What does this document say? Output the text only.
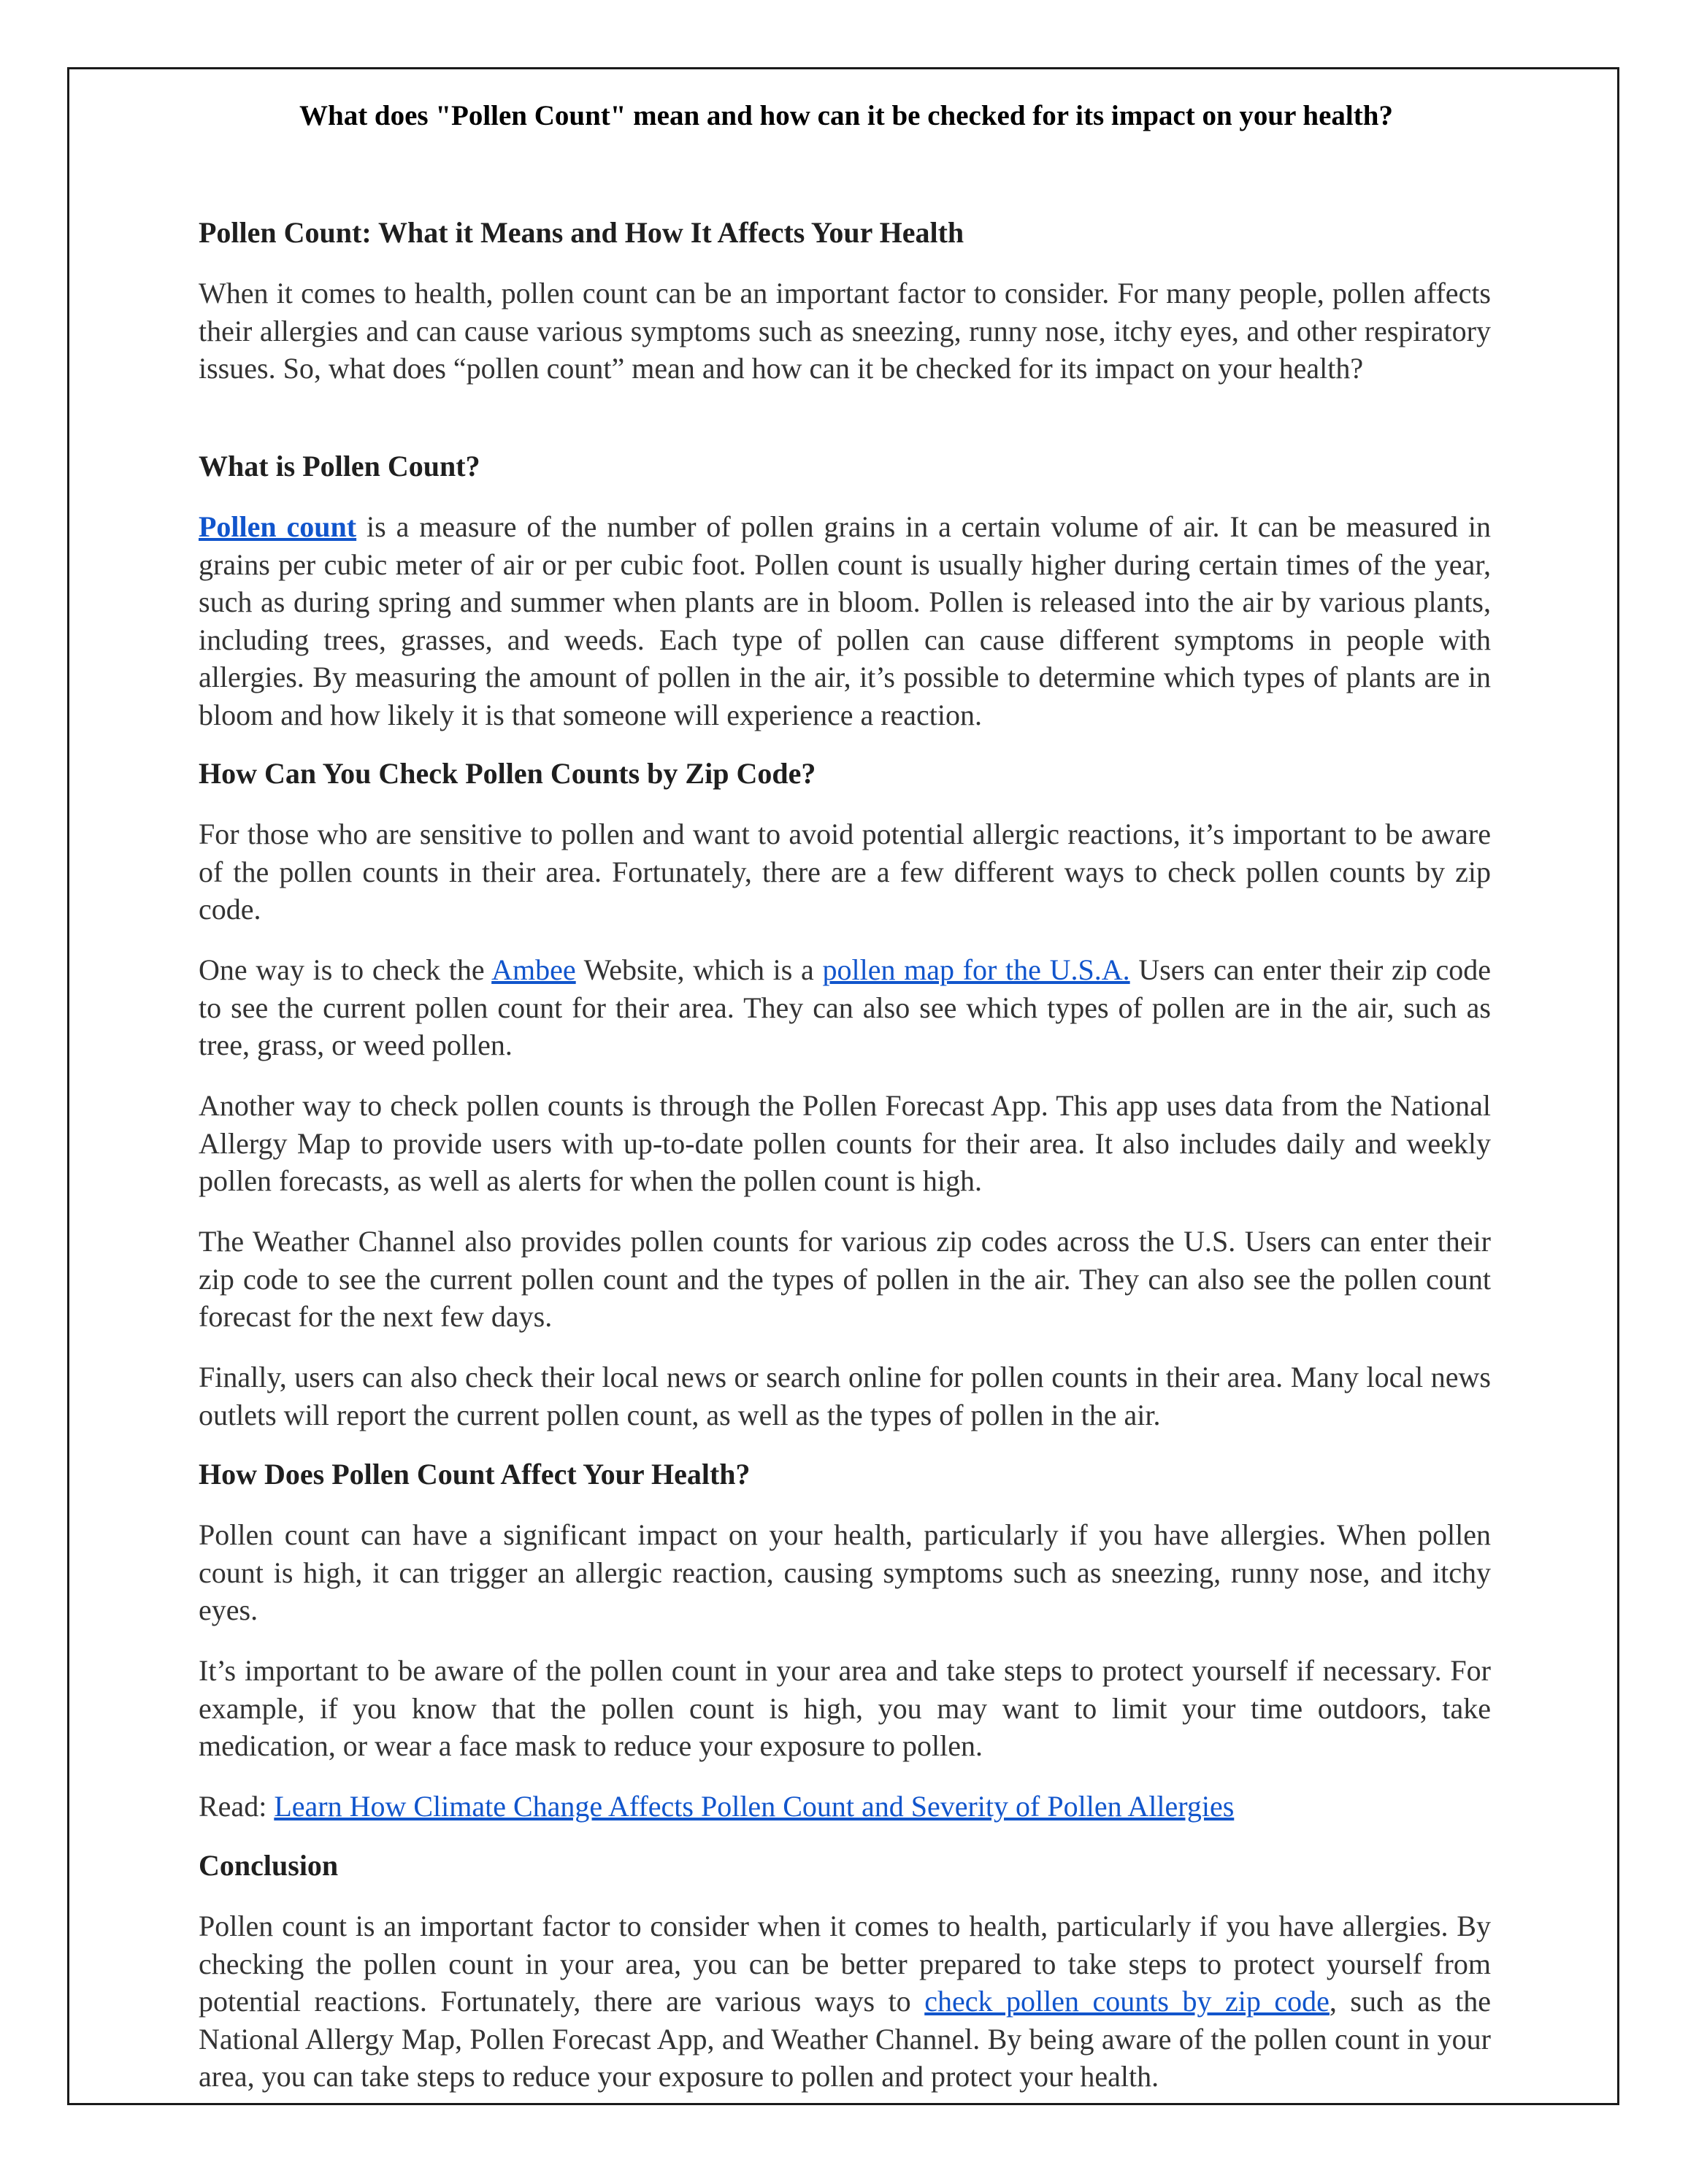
What does "Pollen Count" mean and how can it be checked for its impact on your health?
Pollen Count: What it Means and How It Affects Your Health

When it comes to health, pollen count can be an important factor to consider. For many people, pollen affects their allergies and can cause various symptoms such as sneezing, runny nose, itchy eyes, and other respiratory issues. So, what does “pollen count” mean and how can it be checked for its impact on your health?

What is Pollen Count?

Pollen count is a measure of the number of pollen grains in a certain volume of air. It can be measured in grains per cubic meter of air or per cubic foot. Pollen count is usually higher during certain times of the year, such as during spring and summer when plants are in bloom. Pollen is released into the air by various plants, including trees, grasses, and weeds. Each type of pollen can cause different symptoms in people with allergies. By measuring the amount of pollen in the air, it’s possible to determine which types of plants are in bloom and how likely it is that someone will experience a reaction.

How Can You Check Pollen Counts by Zip Code?

For those who are sensitive to pollen and want to avoid potential allergic reactions, it’s important to be aware of the pollen counts in their area. Fortunately, there are a few different ways to check pollen counts by zip code.

One way is to check the Ambee Website, which is a pollen map for the U.S.A. Users can enter their zip code to see the current pollen count for their area. They can also see which types of pollen are in the air, such as tree, grass, or weed pollen.

Another way to check pollen counts is through the Pollen Forecast App. This app uses data from the National Allergy Map to provide users with up-to-date pollen counts for their area. It also includes daily and weekly pollen forecasts, as well as alerts for when the pollen count is high.

The Weather Channel also provides pollen counts for various zip codes across the U.S. Users can enter their zip code to see the current pollen count and the types of pollen in the air. They can also see the pollen count forecast for the next few days.

Finally, users can also check their local news or search online for pollen counts in their area. Many local news outlets will report the current pollen count, as well as the types of pollen in the air.

How Does Pollen Count Affect Your Health?

Pollen count can have a significant impact on your health, particularly if you have allergies. When pollen count is high, it can trigger an allergic reaction, causing symptoms such as sneezing, runny nose, and itchy eyes.

It’s important to be aware of the pollen count in your area and take steps to protect yourself if necessary. For example, if you know that the pollen count is high, you may want to limit your time outdoors, take medication, or wear a face mask to reduce your exposure to pollen.

Read: Learn How Climate Change Affects Pollen Count and Severity of Pollen Allergies

Conclusion

Pollen count is an important factor to consider when it comes to health, particularly if you have allergies. By checking the pollen count in your area, you can be better prepared to take steps to protect yourself from potential reactions. Fortunately, there are various ways to check pollen counts by zip code, such as the National Allergy Map, Pollen Forecast App, and Weather Channel. By being aware of the pollen count in your area, you can take steps to reduce your exposure to pollen and protect your health.
